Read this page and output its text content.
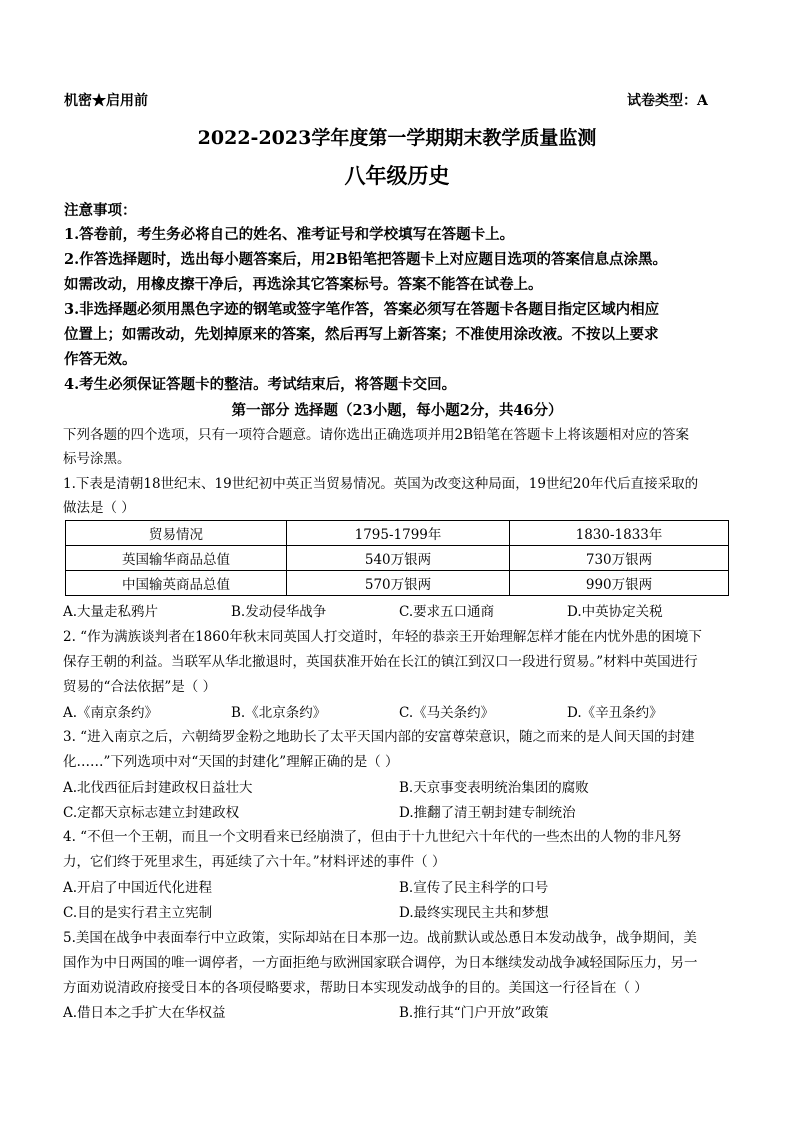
机密★启用前	试卷类型：A
2022-2023学年度第一学期期末教学质量监测
八年级历史
注意事项：
1.答卷前，考生务必将自己的姓名、准考证号和学校填写在答题卡上。
2.作答选择题时，选出每小题答案后，用2B铅笔把答题卡上对应题目选项的答案信息点涂黑。
如需改动，用橡皮擦干净后，再选涂其它答案标号。答案不能答在试卷上。
3.非选择题必须用黑色字迹的钢笔或签字笔作答，答案必须写在答题卡各题目指定区域内相应
位置上；如需改动，先划掉原来的答案，然后再写上新答案；不准使用涂改液。不按以上要求
作答无效。
4.考生必须保证答题卡的整洁。考试结束后，将答题卡交回。
第一部分 选择题（23小题，每小题2分，共46分）
下列各题的四个选项，只有一项符合题意。请你选出正确选项并用2B铅笔在答题卡上将该题相对应的答案
标号涂黑。
1.下表是清朝18世纪末、19世纪初中英正当贸易情况。英国为改变这种局面，19世纪20年代后直接采取的
做法是（ ）
贸易情况	1795-1799年	1830-1833年
英国输华商品总值	540万银两	730万银两
中国输英商品总值	570万银两	990万银两
A.大量走私鸦片	B.发动侵华战争	C.要求五口通商	D.中英协定关税
2. “作为满族谈判者在1860年秋末同英国人打交道时，年轻的恭亲王开始理解怎样才能在内忧外患的困境下
保存王朝的利益。当联军从华北撤退时，英国获准开始在长江的镇江到汉口一段进行贸易。”材料中英国进行
贸易的“合法依据”是（ ）
A.《南京条约》	B.《北京条约》	C.《马关条约》	D.《辛丑条约》
3. “进入南京之后，六朝绮罗金粉之地助长了太平天国内部的安富尊荣意识，随之而来的是人间天国的封建
化……”下列选项中对“天国的封建化”理解正确的是（ ）
A.北伐西征后封建政权日益壮大	B.天京事变表明统治集团的腐败
C.定都天京标志建立封建政权	D.推翻了清王朝封建专制统治
4. “不但一个王朝，而且一个文明看来已经崩溃了，但由于十九世纪六十年代的一些杰出的人物的非凡努
力，它们终于死里求生，再延续了六十年。”材料评述的事件（ ）
A.开启了中国近代化进程	B.宣传了民主科学的口号
C.目的是实行君主立宪制	D.最终实现民主共和梦想
5.美国在战争中表面奉行中立政策，实际却站在日本那一边。战前默认或怂恿日本发动战争，战争期间，美
国作为中日两国的唯一调停者，一方面拒绝与欧洲国家联合调停，为日本继续发动战争减轻国际压力，另一
方面劝说清政府接受日本的各项侵略要求，帮助日本实现发动战争的目的。美国这一行径旨在（ ）
A.借日本之手扩大在华权益	B.推行其“门户开放”政策
